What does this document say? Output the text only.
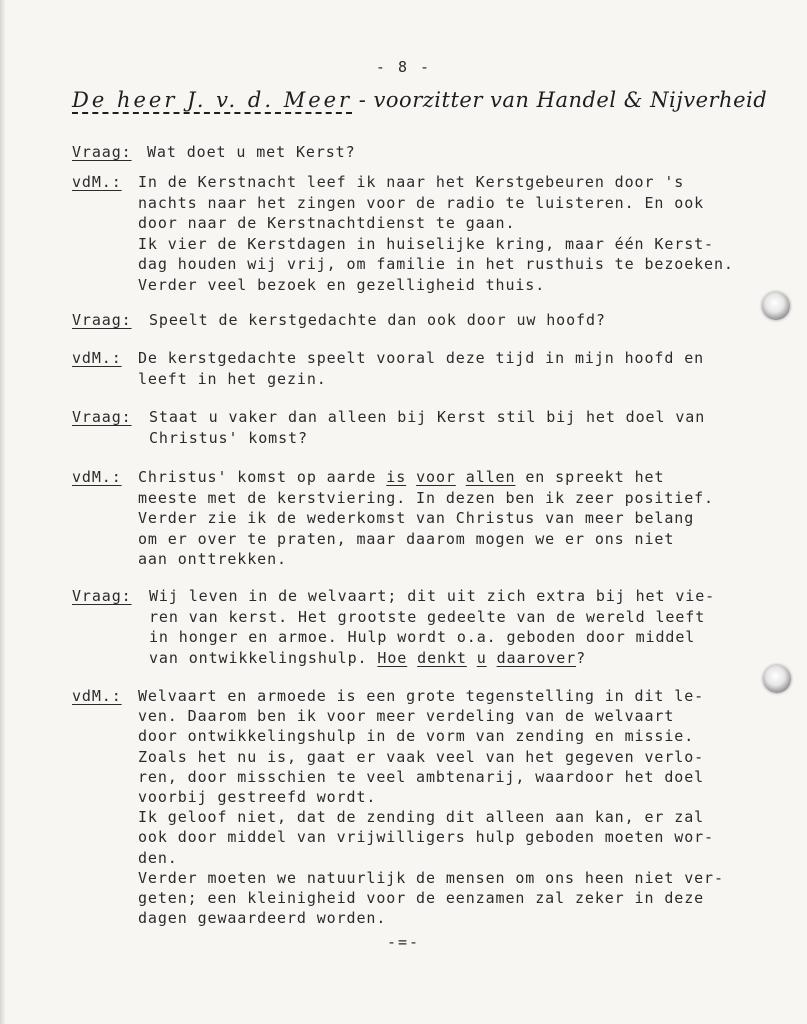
- 8 -
De heer J. v. d. Meer - voorzitter van Handel & Nijverheid
Vraag: Wat doet u met Kerst?
vdM.: In de Kerstnacht leef ik naar het Kerstgebeuren door 's
nachts naar het zingen voor de radio te luisteren. En ook
door naar de Kerstnachtdienst te gaan.
Ik vier de Kerstdagen in huiselijke kring, maar één Kerst-
dag houden wij vrij, om familie in het rusthuis te bezoeken.
Verder veel bezoek en gezelligheid thuis.
Vraag: Speelt de kerstgedachte dan ook door uw hoofd?
vdM.: De kerstgedachte speelt vooral deze tijd in mijn hoofd en
leeft in het gezin.
Vraag: Staat u vaker dan alleen bij Kerst stil bij het doel van
Christus' komst?
vdM.: Christus' komst op aarde is voor allen en spreekt het
meeste met de kerstviering. In dezen ben ik zeer positief.
Verder zie ik de wederkomst van Christus van meer belang
om er over te praten, maar daarom mogen we er ons niet
aan onttrekken.
Vraag: Wij leven in de welvaart; dit uit zich extra bij het vie-
ren van kerst. Het grootste gedeelte van de wereld leeft
in honger en armoe. Hulp wordt o.a. geboden door middel
van ontwikkelingshulp. Hoe denkt u daarover?
vdM.: Welvaart en armoede is een grote tegenstelling in dit le-
ven. Daarom ben ik voor meer verdeling van de welvaart
door ontwikkelingshulp in de vorm van zending en missie.
Zoals het nu is, gaat er vaak veel van het gegeven verlo-
ren, door misschien te veel ambtenarij, waardoor het doel
voorbij gestreefd wordt.
Ik geloof niet, dat de zending dit alleen aan kan, er zal
ook door middel van vrijwilligers hulp geboden moeten wor-
den.
Verder moeten we natuurlijk de mensen om ons heen niet ver-
geten; een kleinigheid voor de eenzamen zal zeker in deze
dagen gewaardeerd worden.
-=-
